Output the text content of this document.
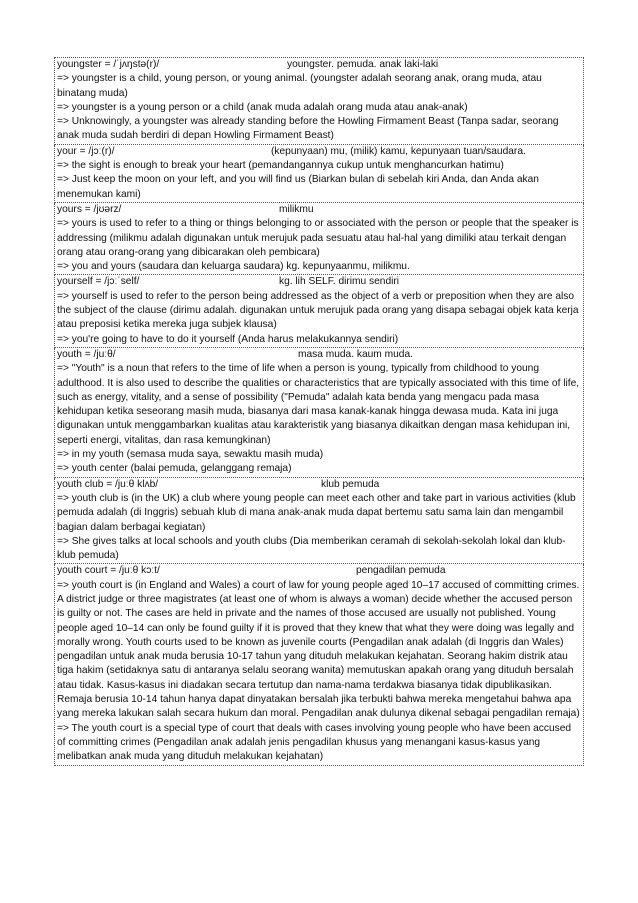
youngster = /ˈjʌŋstə(r)/	youngster. pemuda. anak laki-laki

=> youngster is a child, young person, or young animal. (youngster adalah seorang anak, orang muda, atau binatang muda)

=> youngster is a young person or a child (anak muda adalah orang muda atau anak-anak)

=> Unknowingly, a youngster was already standing before the Howling Firmament Beast (Tanpa sadar, seorang anak muda sudah berdiri di depan Howling Firmament Beast)

your = /jɔː(r)/	(kepunyaan) mu, (milik) kamu, kepunyaan tuan/saudara.

=> the sight is enough to break your heart (pemandangannya cukup untuk menghancurkan hatimu)

=> Just keep the moon on your left, and you will find us (Biarkan bulan di sebelah kiri Anda, dan Anda akan menemukan kami)

yours = /jʊərz/	milikmu

=> yours is used to refer to a thing or things belonging to or associated with the person or people that the speaker is addressing (milikmu adalah digunakan untuk merujuk pada sesuatu atau hal-hal yang dimiliki atau terkait dengan orang atau orang-orang yang dibicarakan oleh pembicara)

=> you and yours (saudara dan keluarga saudara) kg. kepunyaanmu, milikmu.

yourself = /jɔːˈself/	kg. lih SELF. dirimu sendiri

=> yourself is used to refer to the person being addressed as the object of a verb or preposition when they are also the subject of the clause (dirimu adalah. digunakan untuk merujuk pada orang yang disapa sebagai objek kata kerja atau preposisi ketika mereka juga subjek klausa)

=> you're going to have to do it yourself (Anda harus melakukannya sendiri)

youth = /juːθ/	masa muda. kaum muda.

=> "Youth" is a noun that refers to the time of life when a person is young, typically from childhood to young adulthood. It is also used to describe the qualities or characteristics that are typically associated with this time of life, such as energy, vitality, and a sense of possibility ("Pemuda" adalah kata benda yang mengacu pada masa kehidupan ketika seseorang masih muda, biasanya dari masa kanak-kanak hingga dewasa muda. Kata ini juga digunakan untuk menggambarkan kualitas atau karakteristik yang biasanya dikaitkan dengan masa kehidupan ini, seperti energi, vitalitas, dan rasa kemungkinan)

=> in my youth (semasa muda saya, sewaktu masih muda)

=> youth center (balai pemuda, gelanggang remaja)

youth club = /juːθ klʌb/	klub pemuda

=> youth club is (in the UK) a club where young people can meet each other and take part in various activities (klub pemuda adalah (di Inggris) sebuah klub di mana anak-anak muda dapat bertemu satu sama lain dan mengambil bagian dalam berbagai kegiatan)

=> She gives talks at local schools and youth clubs (Dia memberikan ceramah di sekolah-sekolah lokal dan klub-klub pemuda)

youth court = /juːθ kɔːt/	pengadilan pemuda

=> youth court is (in England and Wales) a court of law for young people aged 10–17 accused of committing crimes. A district judge or three magistrates (at least one of whom is always a woman) decide whether the accused person is guilty or not. The cases are held in private and the names of those accused are usually not published. Young people aged 10–14 can only be found guilty if it is proved that they knew that what they were doing was legally and morally wrong. Youth courts used to be known as juvenile courts (Pengadilan anak adalah (di Inggris dan Wales) pengadilan untuk anak muda berusia 10-17 tahun yang dituduh melakukan kejahatan. Seorang hakim distrik atau tiga hakim (setidaknya satu di antaranya selalu seorang wanita) memutuskan apakah orang yang dituduh bersalah atau tidak. Kasus-kasus ini diadakan secara tertutup dan nama-nama terdakwa biasanya tidak dipublikasikan. Remaja berusia 10-14 tahun hanya dapat dinyatakan bersalah jika terbukti bahwa mereka mengetahui bahwa apa yang mereka lakukan salah secara hukum dan moral. Pengadilan anak dulunya dikenal sebagai pengadilan remaja)

=> The youth court is a special type of court that deals with cases involving young people who have been accused of committing crimes (Pengadilan anak adalah jenis pengadilan khusus yang menangani kasus-kasus yang melibatkan anak muda yang dituduh melakukan kejahatan)
